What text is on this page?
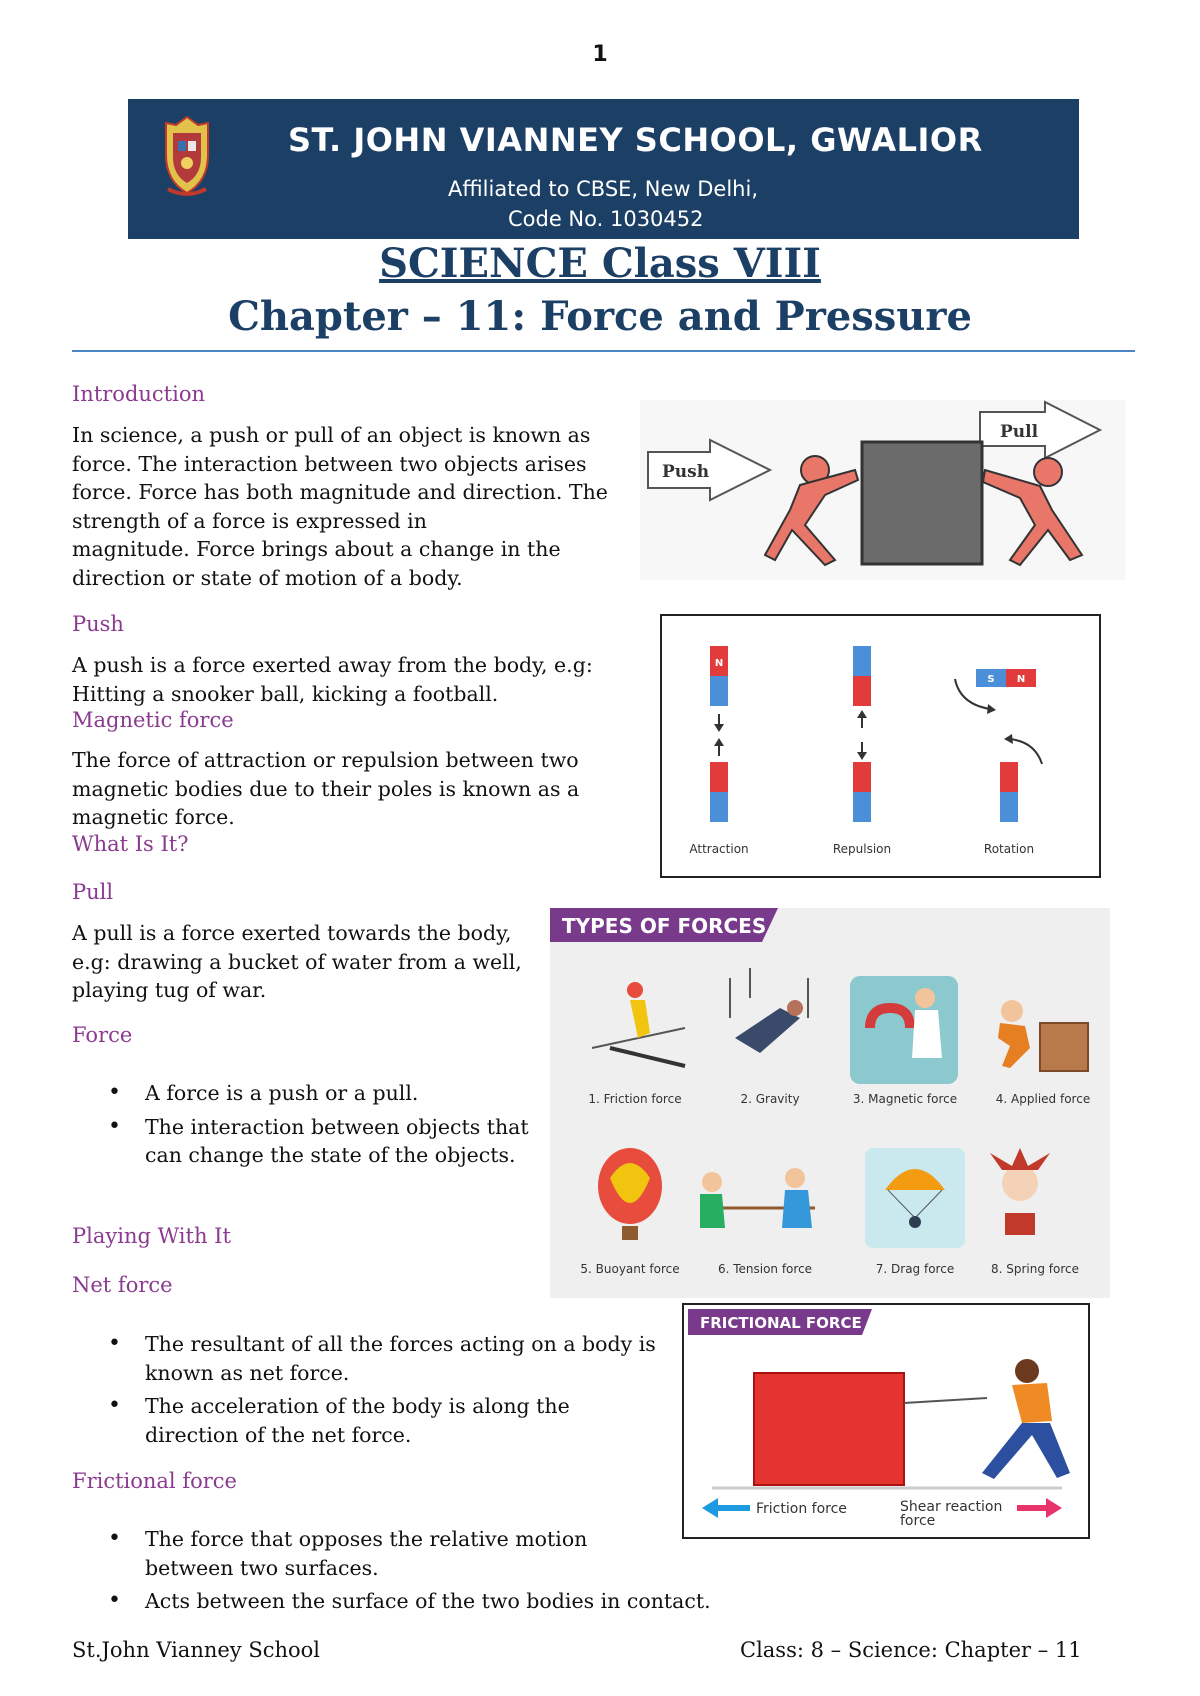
1
ST. JOHN VIANNEY SCHOOL, GWALIOR
Affiliated to CBSE, New Delhi,
Code No. 1030452
SCIENCE Class VIII
Chapter – 11: Force and Pressure
Introduction
In science, a push or pull of an object is known as
force. The interaction between two objects arises
force. Force has both magnitude and direction. The
strength of a force is expressed in
magnitude. Force brings about a change in the
direction or state of motion of a body.
Push
A push is a force exerted away from the body, e.g:
Hitting a snooker ball, kicking a football.
Magnetic force
The force of attraction or repulsion between two
magnetic bodies due to their poles is known as a
magnetic force.
What Is It?
Pull
A pull is a force exerted towards the body,
e.g: drawing a bucket of water from a well,
playing tug of war.
Force
• A force is a push or a pull.
• The interaction between objects that
can change the state of the objects.
Playing With It
Net force
• The resultant of all the forces acting on a body is
known as net force.
• The acceleration of the body is along the
direction of the net force.
Frictional force
• The force that opposes the relative motion
between two surfaces.
• Acts between the surface of the two bodies in contact.
Push
Pull
N
N
S
Attraction	Repulsion	Rotation
TYPES OF FORCES
1. Friction force	2. Gravity	3. Magnetic force	4. Applied force
5. Buoyant force	6. Tension force	7. Drag force	8. Spring force
FRICTIONAL FORCE
Friction force	Shear reaction
force
St.John Vianney School	Class: 8 – Science: Chapter – 11
